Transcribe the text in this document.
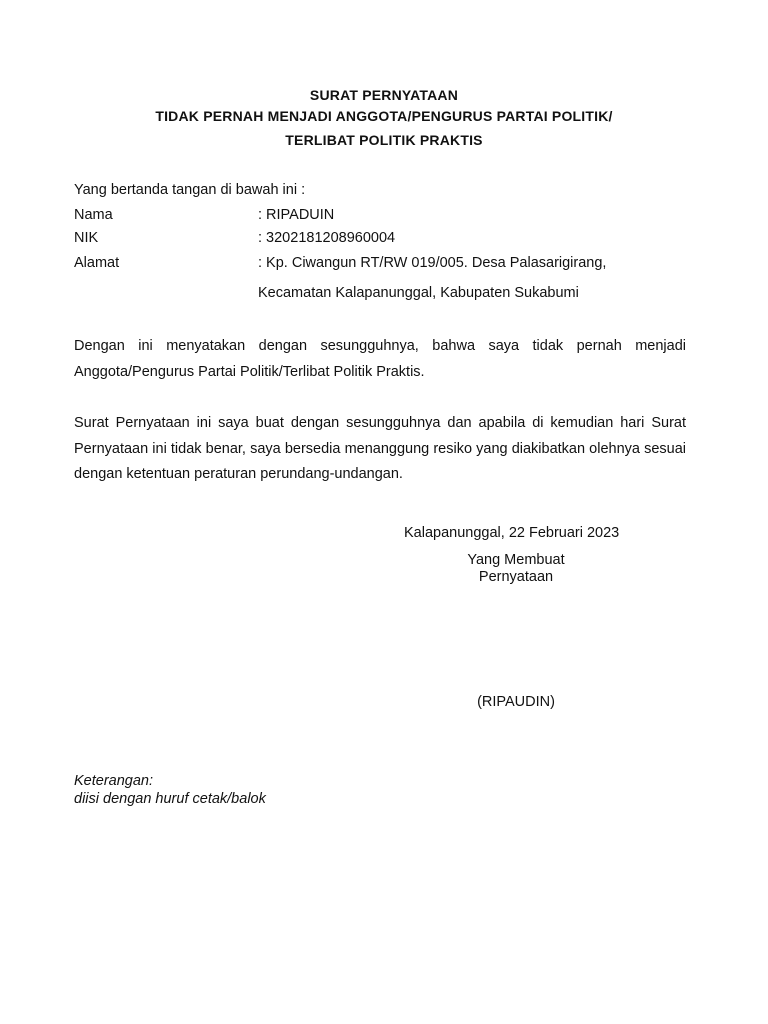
SURAT PERNYATAAN
TIDAK PERNAH MENJADI ANGGOTA/PENGURUS PARTAI POLITIK/
TERLIBAT POLITIK PRAKTIS
Yang bertanda tangan di bawah ini :
Nama	: RIPADUIN
NIK	: 3202181208960004
Alamat	: Kp. Ciwangun RT/RW 019/005. Desa Palasarigirang,
Kecamatan Kalapanunggal, Kabupaten Sukabumi
Dengan ini menyatakan dengan sesungguhnya, bahwa saya tidak pernah menjadi Anggota/Pengurus Partai Politik/Terlibat Politik Praktis.
Surat Pernyataan ini saya buat dengan sesungguhnya dan apabila di kemudian hari Surat Pernyataan ini tidak benar, saya bersedia menanggung resiko yang diakibatkan olehnya sesuai dengan ketentuan peraturan perundang-undangan.
Kalapanunggal, 22 Februari 2023
Yang Membuat
Pernyataan
(RIPAUDIN)
Keterangan:
diisi dengan huruf cetak/balok
